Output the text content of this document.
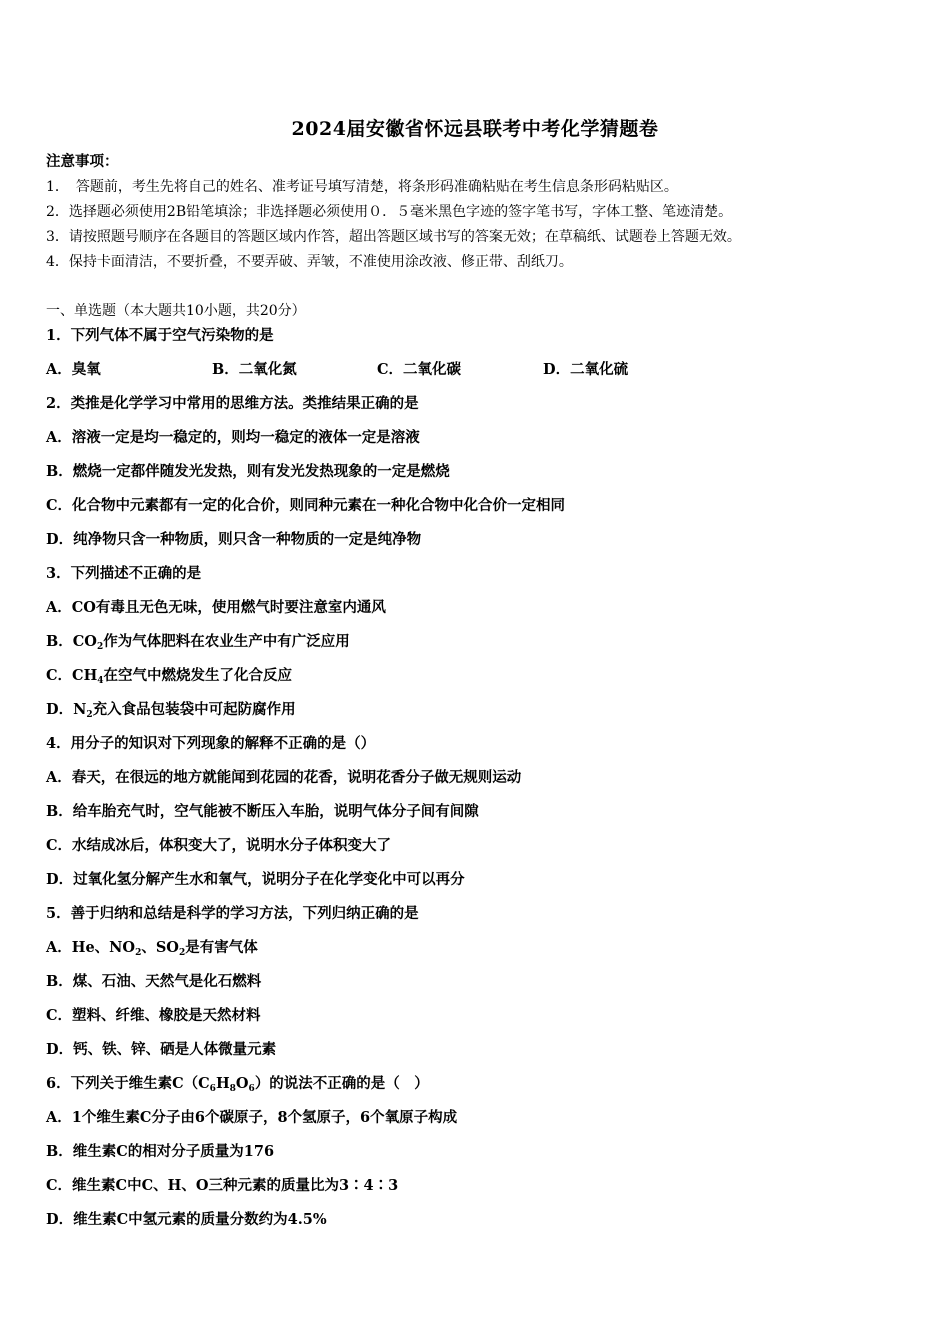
2024届安徽省怀远县联考中考化学猜题卷
注意事项：
1．　答题前，考生先将自己的姓名、准考证号填写清楚，将条形码准确粘贴在考生信息条形码粘贴区。
2．选择题必须使用2B铅笔填涂；非选择题必须使用０．５毫米黑色字迹的签字笔书写，字体工整、笔迹清楚。
3．请按照题号顺序在各题目的答题区域内作答，超出答题区域书写的答案无效；在草稿纸、试题卷上答题无效。
4．保持卡面清洁，不要折叠，不要弄破、弄皱，不准使用涂改液、修正带、刮纸刀。
一、单选题（本大题共10小题，共20分）
1．下列气体不属于空气污染物的是
A．臭氧	B．二氧化氮	C．二氧化碳	D．二氧化硫
2．类推是化学学习中常用的思维方法。类推结果正确的是
A．溶液一定是均一稳定的，则均一稳定的液体一定是溶液
B．燃烧一定都伴随发光发热，则有发光发热现象的一定是燃烧
C．化合物中元素都有一定的化合价，则同种元素在一种化合物中化合价一定相同
D．纯净物只含一种物质，则只含一种物质的一定是纯净物
3．下列描述不正确的是
A．CO有毒且无色无味，使用燃气时要注意室内通风
B．$CO_2$作为气体肥料在农业生产中有广泛应用
C．$CH_4$在空气中燃烧发生了化合反应
D．$N_2$充入食品包装袋中可起防腐作用
4．用分子的知识对下列现象的解释不正确的是（）
A．春天，在很远的地方就能闻到花园的花香，说明花香分子做无规则运动
B．给车胎充气时，空气能被不断压入车胎，说明气体分子间有间隙
C．水结成冰后，体积变大了，说明水分子体积变大了
D．过氧化氢分解产生水和氧气，说明分子在化学变化中可以再分
5．善于归纳和总结是科学的学习方法，下列归纳正确的是
A．He、$NO_2$、$SO_2$是有害气体
B．煤、石油、天然气是化石燃料
C．塑料、纤维、橡胶是天然材料
D．钙、铁、锌、硒是人体微量元素
6．下列关于维生素$C(C_6H_8O_6)$的说法不正确的是（　）
A．1个维生素C分子由6个碳原子，8个氢原子，6个氧原子构成
B．维生素C的相对分子质量为176
C．维生素C中C、H、O三种元素的质量比为3∶4∶3
D．维生素C中氢元素的质量分数约为4.5%
